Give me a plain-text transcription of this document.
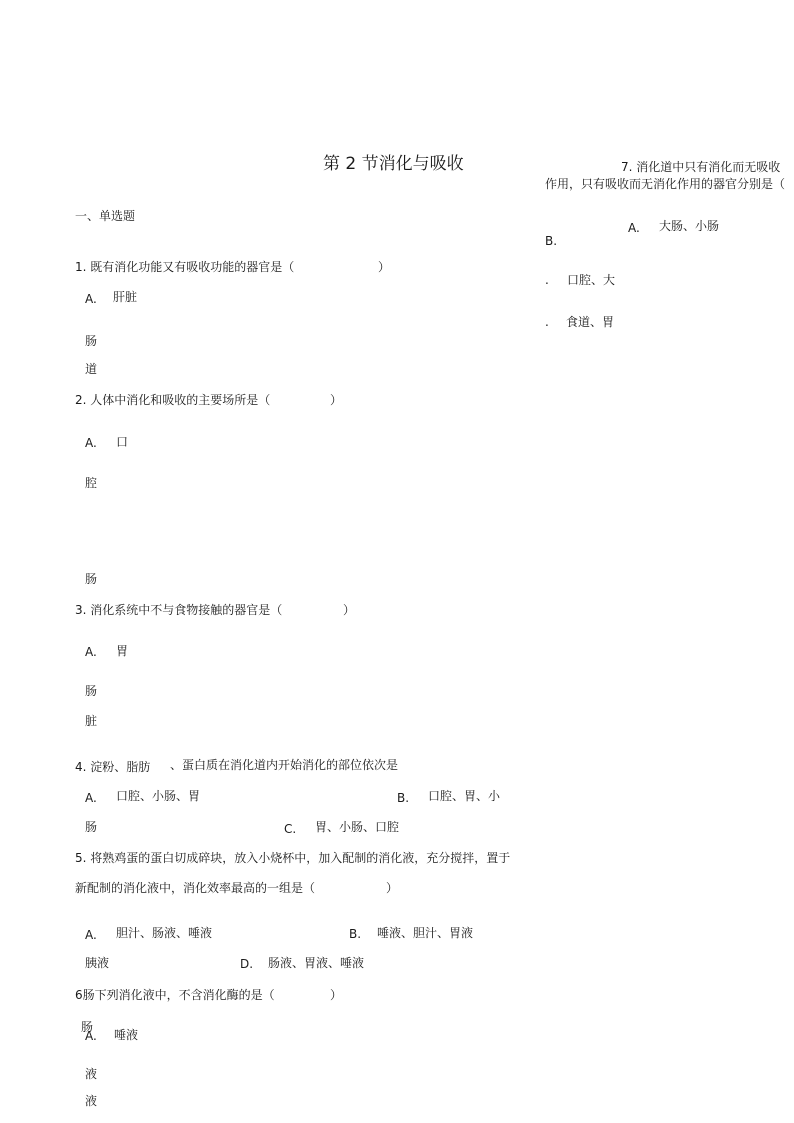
第 2 节消化与吸收
一、单选题
1. 既有消化功能又有吸收功能的器官是（	）
A. 肝脏
肠
道
2. 人体中消化和吸收的主要场所是（	）
A. 口
腔
肠
3. 消化系统中不与食物接触的器官是（	）
A. 胃
肠
脏
4. 淀粉、脂肪 、蛋白质在消化道内开始消化的部位依次是
A. 口腔、小肠、胃	B. 口腔、胃、小
肠	C. 胃、小肠、口腔
5. 将熟鸡蛋的蛋白切成碎块，放入小烧杯中，加入配制的消化液，充分搅拌，置于
新配制的消化液中，消化效率最高的一组是（	）
A. 胆汁、肠液、唾液	B. 唾液、胆汁、胃液
胰液	D. 肠液、胃液、唾液
6肠下列消化液中，不含消化酶的是（	）
肠
A. 唾液
液
液
7. 消化道中只有消化而无吸收
作用，只有吸收而无消化作用的器官分别是（
A. 大肠、小肠
B.
. 口腔、大
. 食道、胃
